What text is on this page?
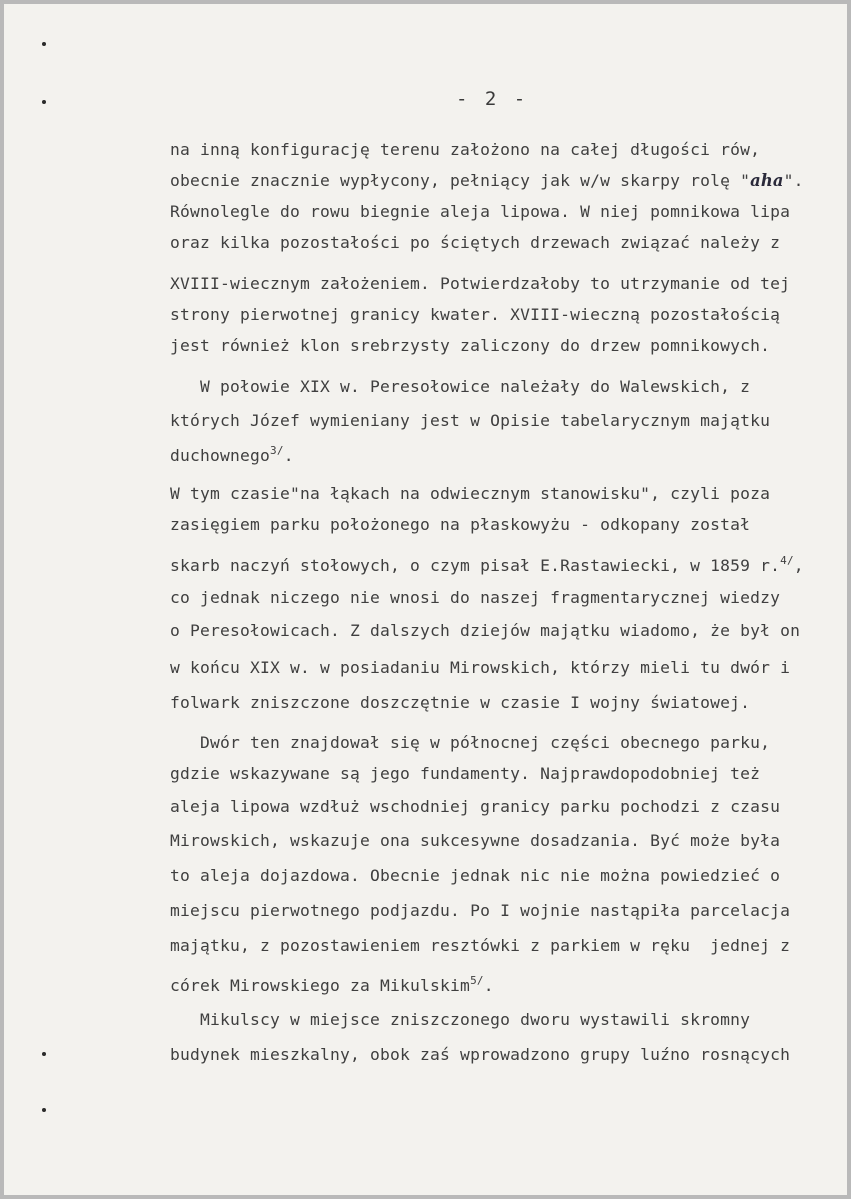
- 2 -
na inną konfigurację terenu założono na całej długości rów,
obecnie znacznie wypłycony, pełniący jak w/w skarpy rolę "aha".
Równolegle do rowu biegnie aleja lipowa. W niej pomnikowa lipa
oraz kilka pozostałości po ściętych drzewach związać należy z
XVIII-wiecznym założeniem. Potwierdzałoby to utrzymanie od tej
strony pierwotnej granicy kwater. XVIII-wieczną pozostałością
jest również klon srebrzysty zaliczony do drzew pomnikowych.
W połowie XIX w. Peresołowice należały do Walewskich, z
których Józef wymieniany jest w Opisie tabelarycznym majątku
duchownego$^{3/}$.
W tym czasie"na łąkach na odwiecznym stanowisku", czyli poza
zasięgiem parku położonego na płaskowyżu - odkopany został
skarb naczyń stołowych, o czym pisał E.Rastawiecki, w 1859 r.$^{4/}$,
co jednak niczego nie wnosi do naszej fragmentarycznej wiedzy
o Peresołowicach. Z dalszych dziejów majątku wiadomo, że był on
w końcu XIX w. w posiadaniu Mirowskich, którzy mieli tu dwór i
folwark zniszczone doszczętnie w czasie I wojny światowej.
Dwór ten znajdował się w północnej części obecnego parku,
gdzie wskazywane są jego fundamenty. Najprawdopodobniej też
aleja lipowa wzdłuż wschodniej granicy parku pochodzi z czasu
Mirowskich, wskazuje ona sukcesywne dosadzania. Być może była
to aleja dojazdowa. Obecnie jednak nic nie można powiedzieć o
miejscu pierwotnego podjazdu. Po I wojnie nastąpiła parcelacja
majątku, z pozostawieniem resztówki z parkiem w ręku  jednej z
córek Mirowskiego za Mikulskim$^{5/}$.
Mikulscy w miejsce zniszczonego dworu wystawili skromny
budynek mieszkalny, obok zaś wprowadzono grupy luźno rosnących
